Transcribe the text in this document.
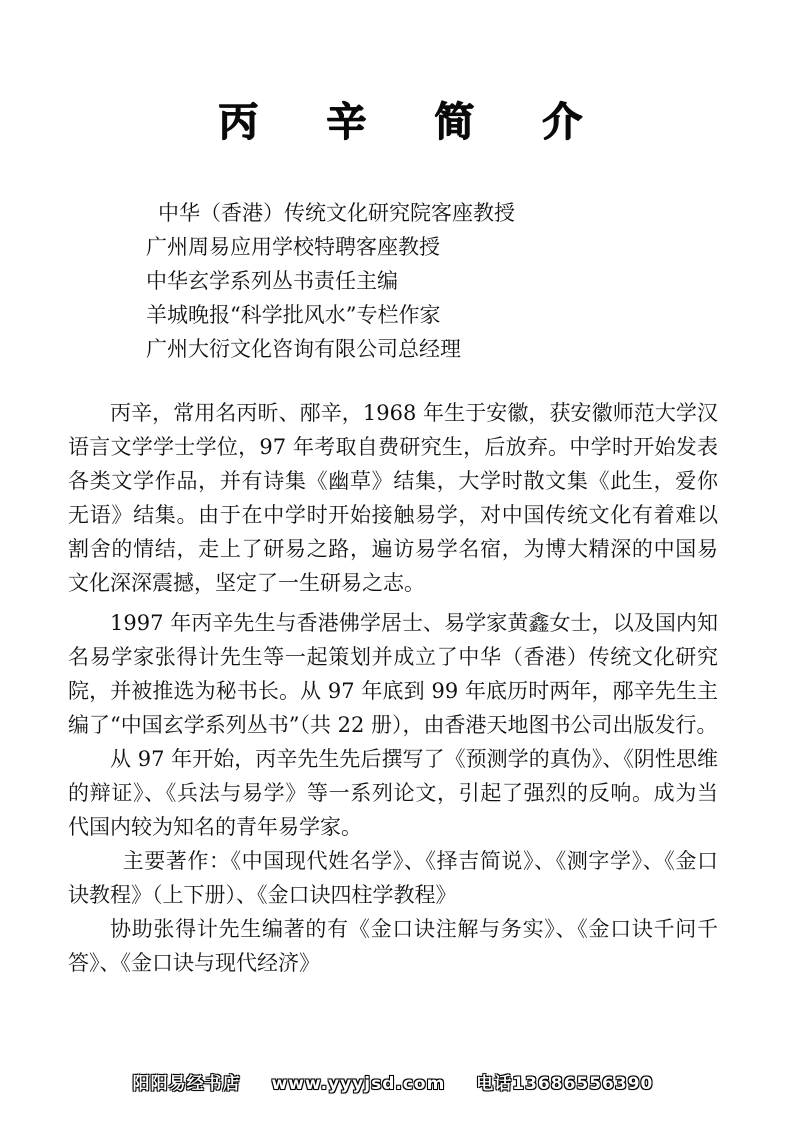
丙 辛 简 介
中华（香港）传统文化研究院客座教授
广州周易应用学校特聘客座教授
中华玄学系列丛书责任主编
羊城晚报“科学批风水”专栏作家
广州大衍文化咨询有限公司总经理

丙辛，常用名丙昕、邴辛，1968 年生于安徽，获安徽师范大学汉语言文学学士学位，97 年考取自费研究生，后放弃。中学时开始发表各类文学作品，并有诗集《幽草》结集，大学时散文集《此生，爱你无语》结集。由于在中学时开始接触易学，对中国传统文化有着难以割舍的情结，走上了研易之路，遍访易学名宿，为博大精深的中国易文化深深震撼，坚定了一生研易之志。

1997 年丙辛先生与香港佛学居士、易学家黄鑫女士，以及国内知名易学家张得计先生等一起策划并成立了中华（香港）传统文化研究院，并被推选为秘书长。从 97 年底到 99 年底历时两年，邴辛先生主编了“中国玄学系列丛书”（共 22 册），由香港天地图书公司出版发行。

从 97 年开始，丙辛先生先后撰写了《预测学的真伪》、《阴性思维的辩证》、《兵法与易学》等一系列论文，引起了强烈的反响。成为当代国内较为知名的青年易学家。

主要著作：《中国现代姓名学》、《择吉简说》、《测字学》、《金口诀教程》（上下册）、《金口诀四柱学教程》

协助张得计先生编著的有《金口诀注解与务实》、《金口诀千问千答》、《金口诀与现代经济》

阳阳易经书店 www.yyyjsd.com 电话13686556390
